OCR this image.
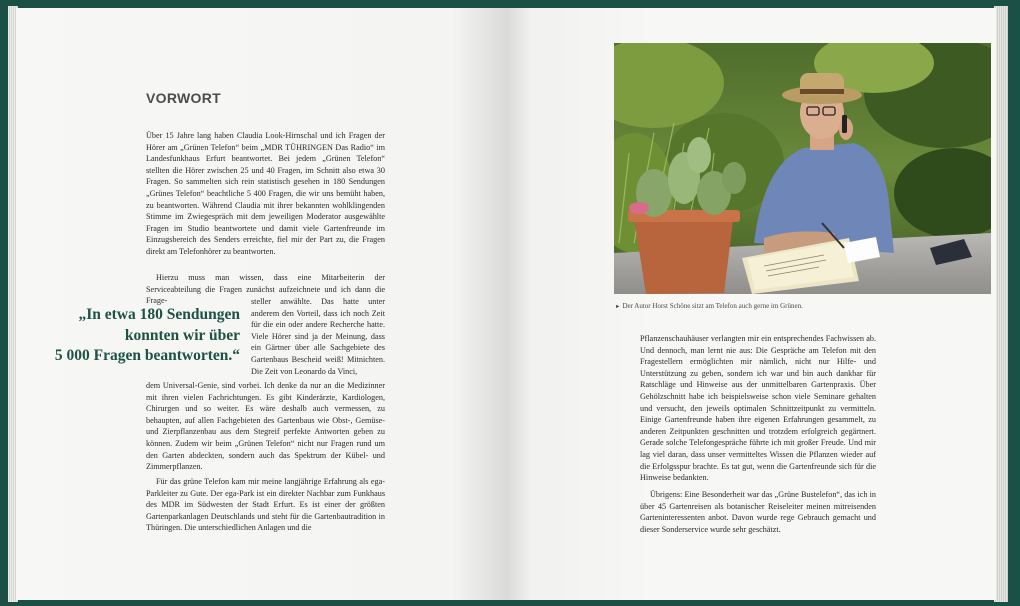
VORWORT

Über 15 Jahre lang haben Claudia Look-Hirnschal und ich Fragen der Hörer am „Grünen Telefon“ beim „MDR TÜHRINGEN Das Radio“ im Landesfunkhaus Erfurt beantwortet. Bei jedem „Grünen Telefon“ stellten die Hörer zwischen 25 und 40 Fragen, im Schnitt also etwa 30 Fragen. So sammelten sich rein statistisch gesehen in 180 Sendungen „Grünes Telefon“ beachtliche 5 400 Fragen, die wir uns bemüht haben, zu beantworten. Während Claudia mit ihrer bekannten wohlklingenden Stimme im Zwiegespräch mit dem jeweiligen Moderator ausgewählte Fragen im Studio beantwortete und damit viele Gartenfreunde im Einzugsbereich des Senders erreichte, fiel mir der Part zu, die Fragen direkt am Telefonhörer zu beantworten.

Hierzu muss man wissen, dass eine Mitarbeiterin der Serviceabteilung die Fragen zunächst aufzeichnete und ich dann die Frage-	steller anwählte. Das hatte unter anderem den Vorteil, dass ich noch Zeit für die ein oder andere Recherche hatte. Viele Hörer sind ja der Meinung, dass ein Gärtner über alle Sachgebiete des Gartenbaus Bescheid weiß! Mitnichten. Die Zeit von Leonardo da Vinci,

dem Universal-Genie, sind vorbei. Ich denke da nur an die Medizinner mit ihren vielen Fachrichtungen. Es gibt Kinderärzte, Kardiologen, Chirurgen und so weiter. Es wäre deshalb auch vermessen, zu behaupten, auf allen Fachgebieten des Gartenbaus wie Obst-, Gemüse- und Zierpflanzenbau aus dem Stegreif perfekte Antworten geben zu können. Zudem wir beim „Grünen Telefon“ nicht nur Fragen rund um den Garten abdeckten, sondern auch das Spektrum der Kübel- und Zimmerpflanzen.

Für das grüne Telefon kam mir meine langjährige Erfahrung als ega-Parkleiter zu Gute. Der ega-Park ist ein direkter Nachbar zum Funkhaus des MDR im Südwesten der Stadt Erfurt. Es ist einer der größten Gartenparkanlagen Deutschlands und steht für die Gartenbautradition in Thüringen. Die unterschiedlichen Anlagen und die

„In etwa 180 Sendungen
konnten wir über
5 000 Fragen beantworten.“
► Der Autor Horst Schöne sitzt am Telefon auch gerne im Grünen.

Pflanzenschauhäuser verlangten mir ein entsprechendes Fachwissen ab. Und dennoch, man lernt nie aus: Die Gespräche am Telefon mit den Fragestellern ermöglichten mir nämlich, nicht nur Hilfe- und Unterstützung zu geben, sondern ich war und bin auch dankbar für Ratschläge und Hinweise aus der unmittelbaren Gartenpraxis. Über Gehölzschnitt habe ich beispielsweise schon viele Seminare gehalten und versucht, den jeweils optimalen Schnittzeitpunkt zu vermitteln. Einige Gartenfreunde haben ihre eigenen Erfahrungen gesammelt, zu anderen Zeitpunkten geschnitten und trotzdem erfolgreich gegärtnert. Gerade solche Telefongespräche führte ich mit großer Freude. Und mir lag viel daran, dass unser vermitteltes Wissen die Pflanzen wieder auf die Erfolgsspur brachte. Es tat gut, wenn die Gartenfreunde sich für die Hinweise bedankten.

Übrigens: Eine Besonderheit war das „Grüne Bustelefon“, das ich in über 45 Gartenreisen als botanischer Reiseleiter meinen mitreisenden Garteninteressenten anbot. Davon wurde rege Gebrauch gemacht und dieser Sonderservice wurde sehr geschätzt.
